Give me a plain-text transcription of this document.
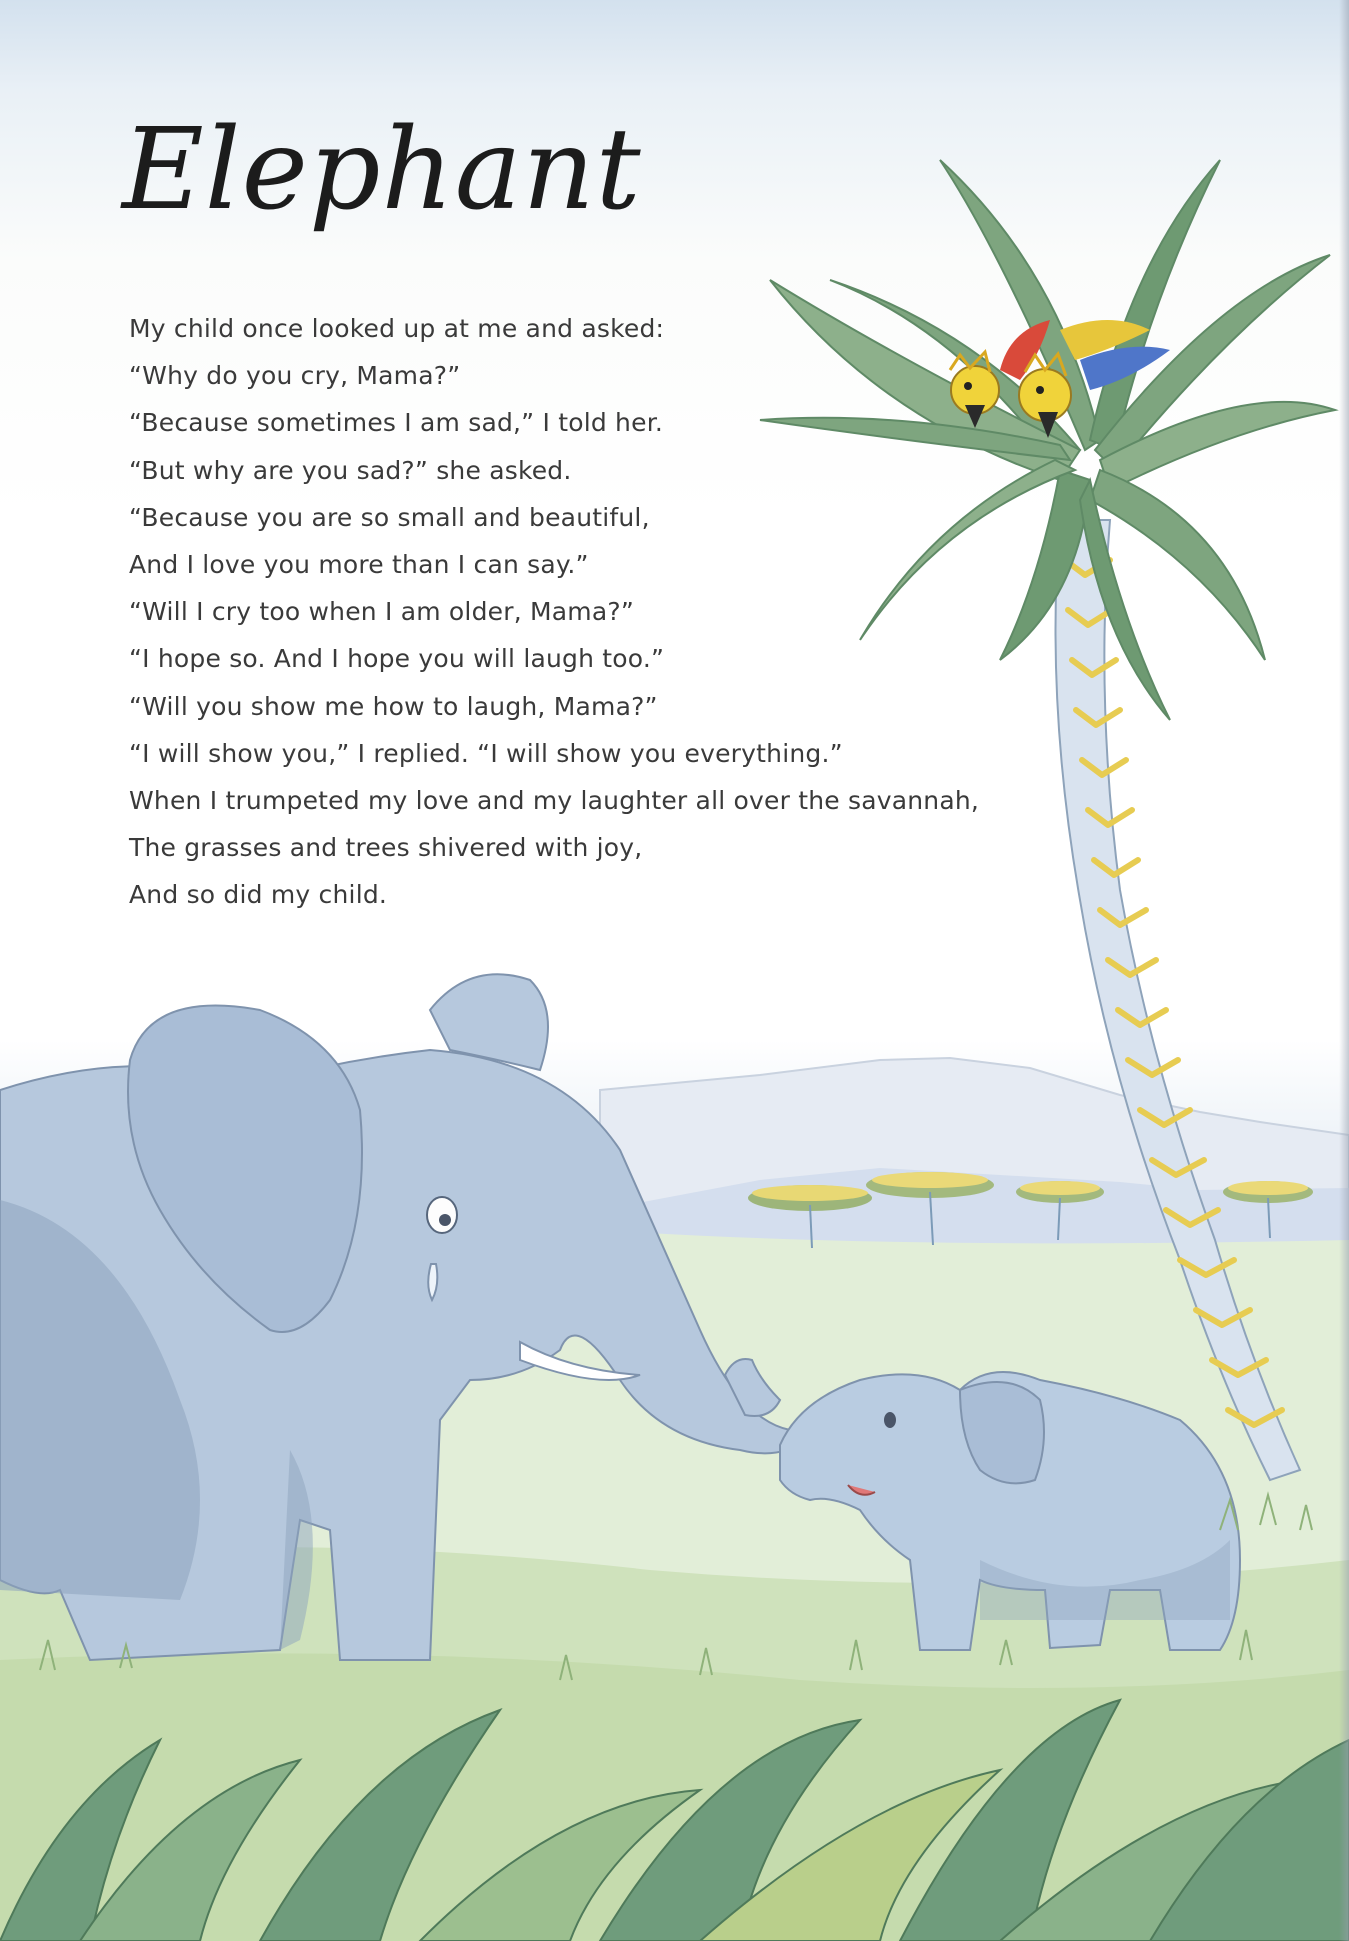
Elephant
My child once looked up at me and asked:
“Why do you cry, Mama?”
“Because sometimes I am sad,” I told her.
“But why are you sad?” she asked.
“Because you are so small and beautiful,
And I love you more than I can say.”
“Will I cry too when I am older, Mama?”
“I hope so. And I hope you will laugh too.”
“Will you show me how to laugh, Mama?”
“I will show you,” I replied. “I will show you everything.”
When I trumpeted my love and my laughter all over the savannah,
The grasses and trees shivered with joy,
And so did my child.
